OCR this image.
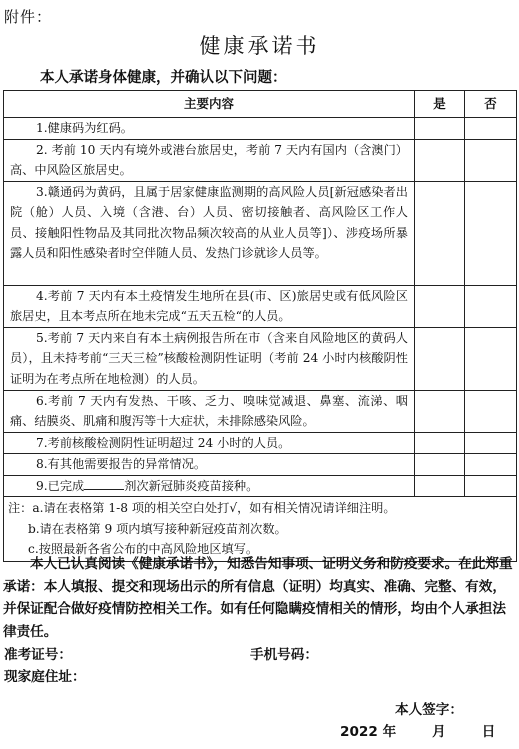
附件：
健康承诺书
本人承诺身体健康，并确认以下问题：
主要内容	是	否
1.健康码为红码。		
2. 考前 10 天内有境外或港台旅居史，考前 7 天内有国内（含澳门）高、中风险区旅居史。		
3.赣通码为黄码，且属于居家健康监测期的高风险人员[新冠感染者出院（舱）人员、入境（含港、台）人员、密切接触者、高风险区工作人员、接触阳性物品及其同批次物品频次较高的从业人员等]）、涉疫场所暴露人员和阳性感染者时空伴随人员、发热门诊就诊人员等。		
4.考前 7 天内有本土疫情发生地所在县(市、区)旅居史或有低风险区旅居史，且本考点所在地未完成“五天五检“的人员。		
5.考前 7 天内来自有本土病例报告所在市（含来自风险地区的黄码人员），且未持考前“三天三检”核酸检测阴性证明（考前 24 小时内核酸阴性证明为在考点所在地检测）的人员。		
6.考前 7 天内有发热、干咳、乏力、嗅味觉减退、鼻塞、流涕、咽痛、结膜炎、肌痛和腹泻等十大症状，未排除感染风险。		
7.考前核酸检测阴性证明超过 24 小时的人员。		
8.有其他需要报告的异常情况。		
9.已完成 剂次新冠肺炎疫苗接种。		

注：a.请在表格第 1-8 项的相关空白处打√，如有相关情况请详细注明。
b.请在表格第 9 项内填写接种新冠疫苗剂次数。
c.按照最新各省公布的中高风险地区填写。		
本人已认真阅读《健康承诺书》，知悉告知事项、证明义务和防疫要求。在此郑重承诺：本人填报、提交和现场出示的所有信息（证明）均真实、准确、完整、有效，并保证配合做好疫情防控相关工作。如有任何隐瞒疫情相关的情形，均由个人承担法律责任。
准考证号：	手机号码：
现家庭住址：
本人签字：
2022 年	月	日
